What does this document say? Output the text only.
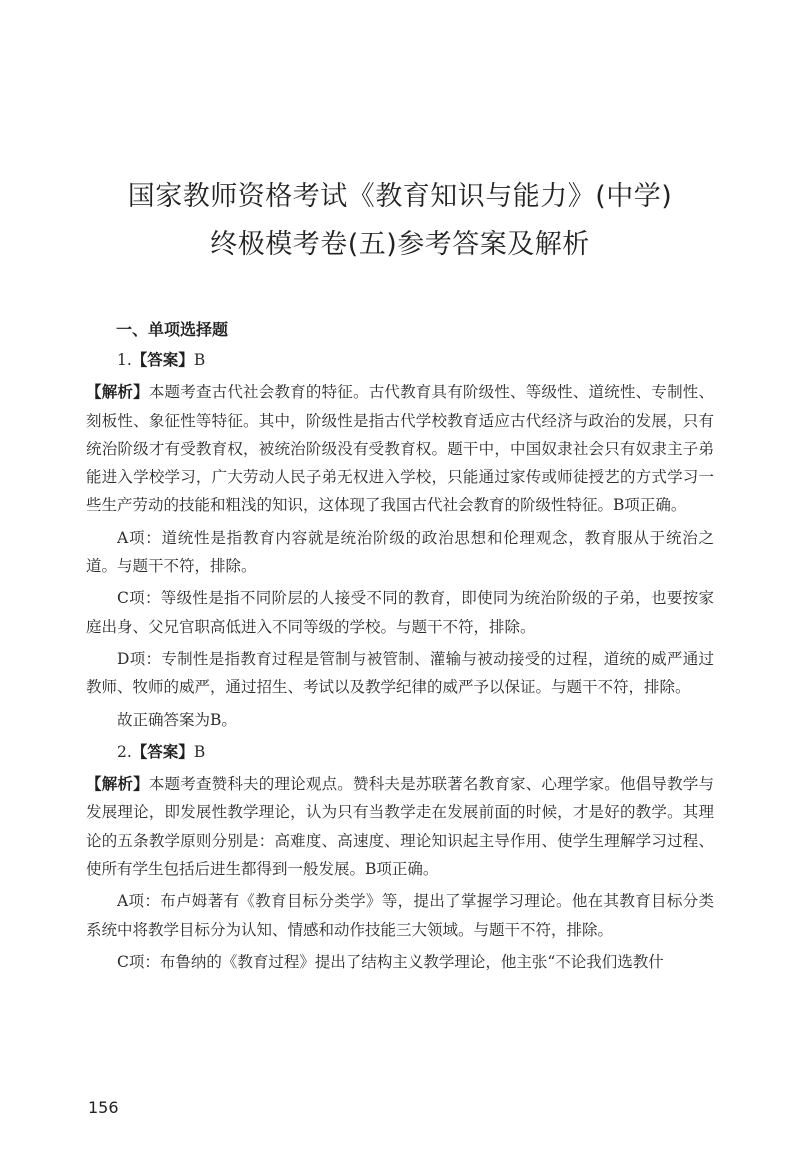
国家教师资格考试《教育知识与能力》(中学)
终极模考卷(五)参考答案及解析
一、单项选择题

1.【答案】B

【解析】本题考查古代社会教育的特征。古代教育具有阶级性、等级性、道统性、专制性、刻板性、象征性等特征。其中，阶级性是指古代学校教育适应古代经济与政治的发展，只有统治阶级才有受教育权，被统治阶级没有受教育权。题干中，中国奴隶社会只有奴隶主子弟能进入学校学习，广大劳动人民子弟无权进入学校，只能通过家传或师徒授艺的方式学习一些生产劳动的技能和粗浅的知识，这体现了我国古代社会教育的阶级性特征。B项正确。

A项：道统性是指教育内容就是统治阶级的政治思想和伦理观念，教育服从于统治之道。与题干不符，排除。

C项：等级性是指不同阶层的人接受不同的教育，即使同为统治阶级的子弟，也要按家庭出身、父兄官职高低进入不同等级的学校。与题干不符，排除。

D项：专制性是指教育过程是管制与被管制、灌输与被动接受的过程，道统的威严通过教师、牧师的威严，通过招生、考试以及教学纪律的威严予以保证。与题干不符，排除。

故正确答案为B。

2.【答案】B

【解析】本题考查赞科夫的理论观点。赞科夫是苏联著名教育家、心理学家。他倡导教学与发展理论，即发展性教学理论，认为只有当教学走在发展前面的时候，才是好的教学。其理论的五条教学原则分别是：高难度、高速度、理论知识起主导作用、使学生理解学习过程、使所有学生包括后进生都得到一般发展。B项正确。

A项：布卢姆著有《教育目标分类学》等，提出了掌握学习理论。他在其教育目标分类系统中将教学目标分为认知、情感和动作技能三大领域。与题干不符，排除。

C项：布鲁纳的《教育过程》提出了结构主义教学理论，他主张“不论我们选教什

156
